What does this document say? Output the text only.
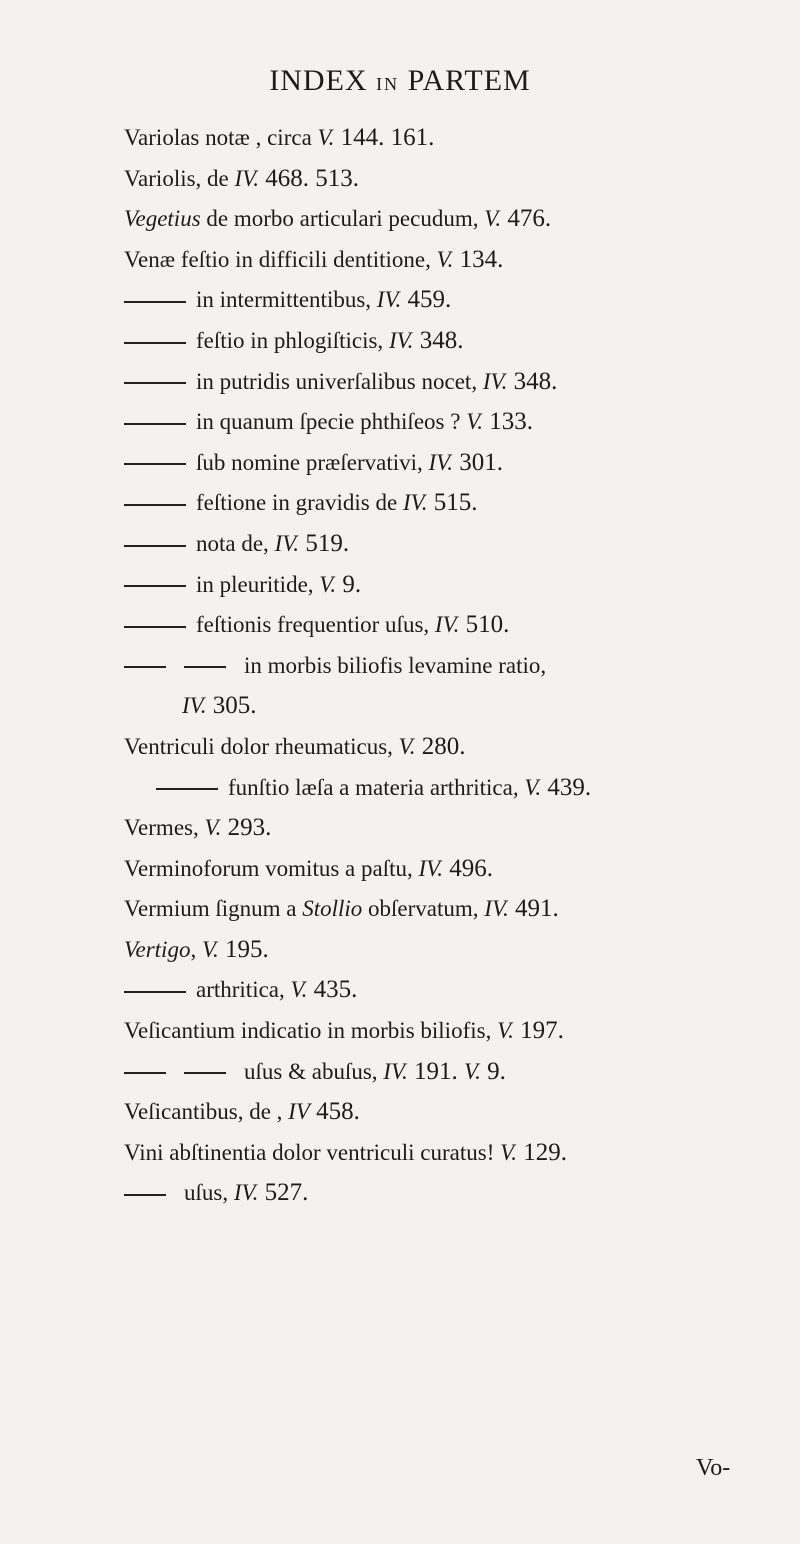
INDEX IN PARTEM
Variolas notæ , circa V. 144. 161.
Variolis, de IV. 468. 513.
Vegetius de morbo articulari pecudum, V. 476.
Venæ feſtio in difficili dentitione, V. 134.
in intermittentibus, IV. 459.
feſtio in phlogiſticis, IV. 348.
in putridis univerſalibus nocet, IV. 348.
in quanum ſpecie phthiſeos ? V. 133.
ſub nomine præſervativi, IV. 301.
feſtione in gravidis de IV. 515.
nota de, IV. 519.
in pleuritide, V. 9.
feſtionis frequentior uſus, IV. 510.
in morbis biliofis levamine ratio,
IV. 305.
Ventriculi dolor rheumaticus, V. 280.
funſtio læſa a materia arthritica, V. 439.
Vermes, V. 293.
Verminoforum vomitus a paſtu, IV. 496.
Vermium ſignum a Stollio obſervatum, IV. 491.
Vertigo, V. 195.
arthritica, V. 435.
Veſicantium indicatio in morbis biliofis, V. 197.
uſus & abuſus, IV. 191. V. 9.
Veſicantibus, de , IV 458.
Vini abſtinentia dolor ventriculi curatus! V. 129.
uſus, IV. 527.
Vo-
